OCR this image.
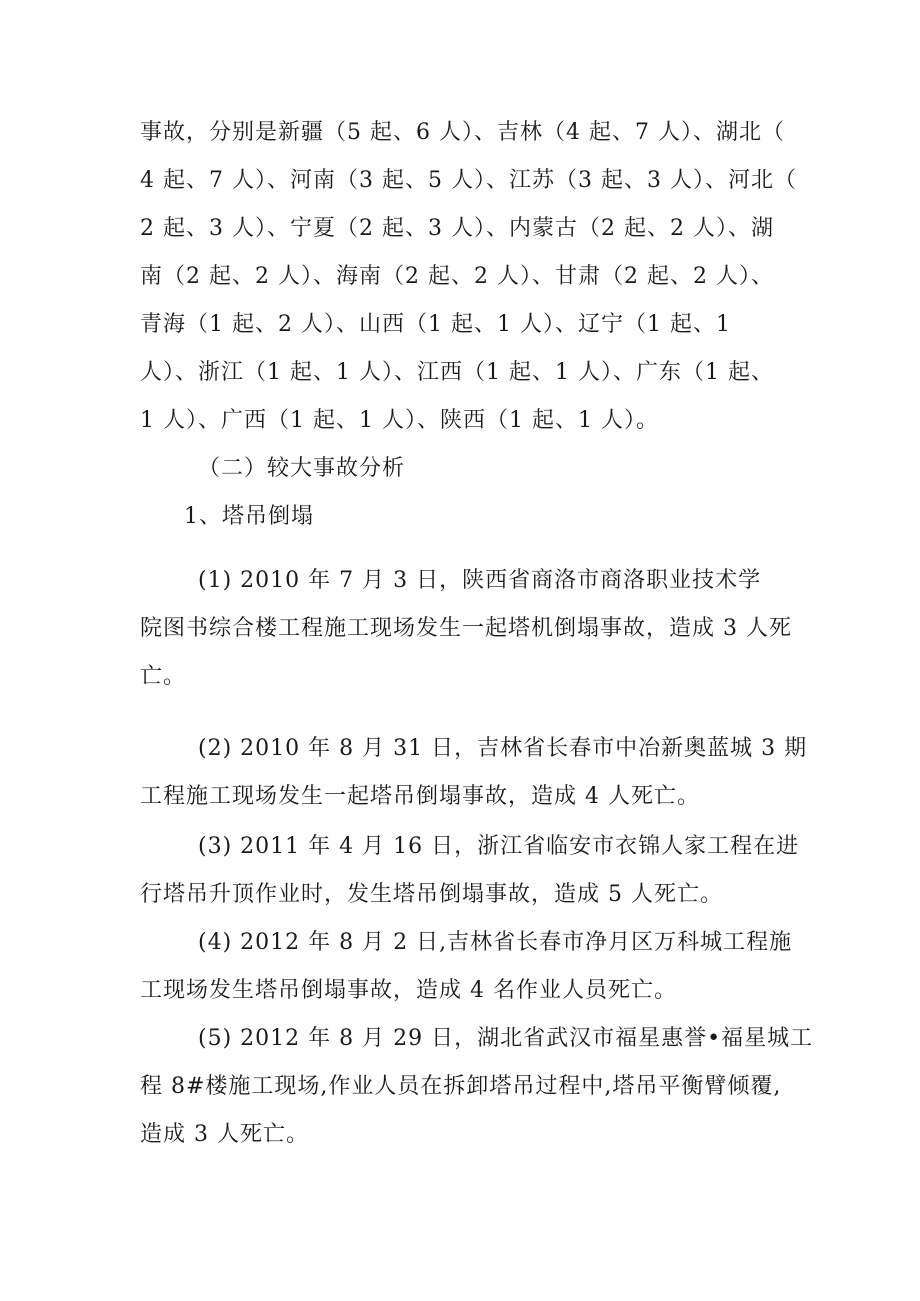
事故，分别是新疆（5 起、6 人）、吉林（4 起、7 人）、湖北（
4 起、7 人）、河南（3 起、5 人）、江苏（3 起、3 人）、河北（
2 起、3 人）、宁夏（2 起、3 人）、内蒙古（2 起、2 人）、湖
南（2 起、2 人）、海南（2 起、2 人）、甘肃（2 起、2 人）、
青海（1 起、2 人）、山西（1 起、1 人）、辽宁（1 起、1
人）、浙江（1 起、1 人）、江西（1 起、1 人）、广东（1 起、
1 人）、广西（1 起、1 人）、陕西（1 起、1 人）。
（二）较大事故分析
1、塔吊倒塌
(1) 2010 年 7 月 3 日，陕西省商洛市商洛职业技术学
院图书综合楼工程施工现场发生一起塔机倒塌事故，造成 3 人死
亡。
(2) 2010 年 8 月 31 日，吉林省长春市中冶新奥蓝城 3 期
工程施工现场发生一起塔吊倒塌事故，造成 4 人死亡。
(3) 2011 年 4 月 16 日，浙江省临安市衣锦人家工程在进
行塔吊升顶作业时，发生塔吊倒塌事故，造成 5 人死亡。
(4) 2012 年 8 月 2 日,吉林省长春市净月区万科城工程施
工现场发生塔吊倒塌事故，造成 4 名作业人员死亡。
(5) 2012 年 8 月 29 日，湖北省武汉市福星惠誉•福星城工
程 8#楼施工现场,作业人员在拆卸塔吊过程中,塔吊平衡臂倾覆,
造成 3 人死亡。
